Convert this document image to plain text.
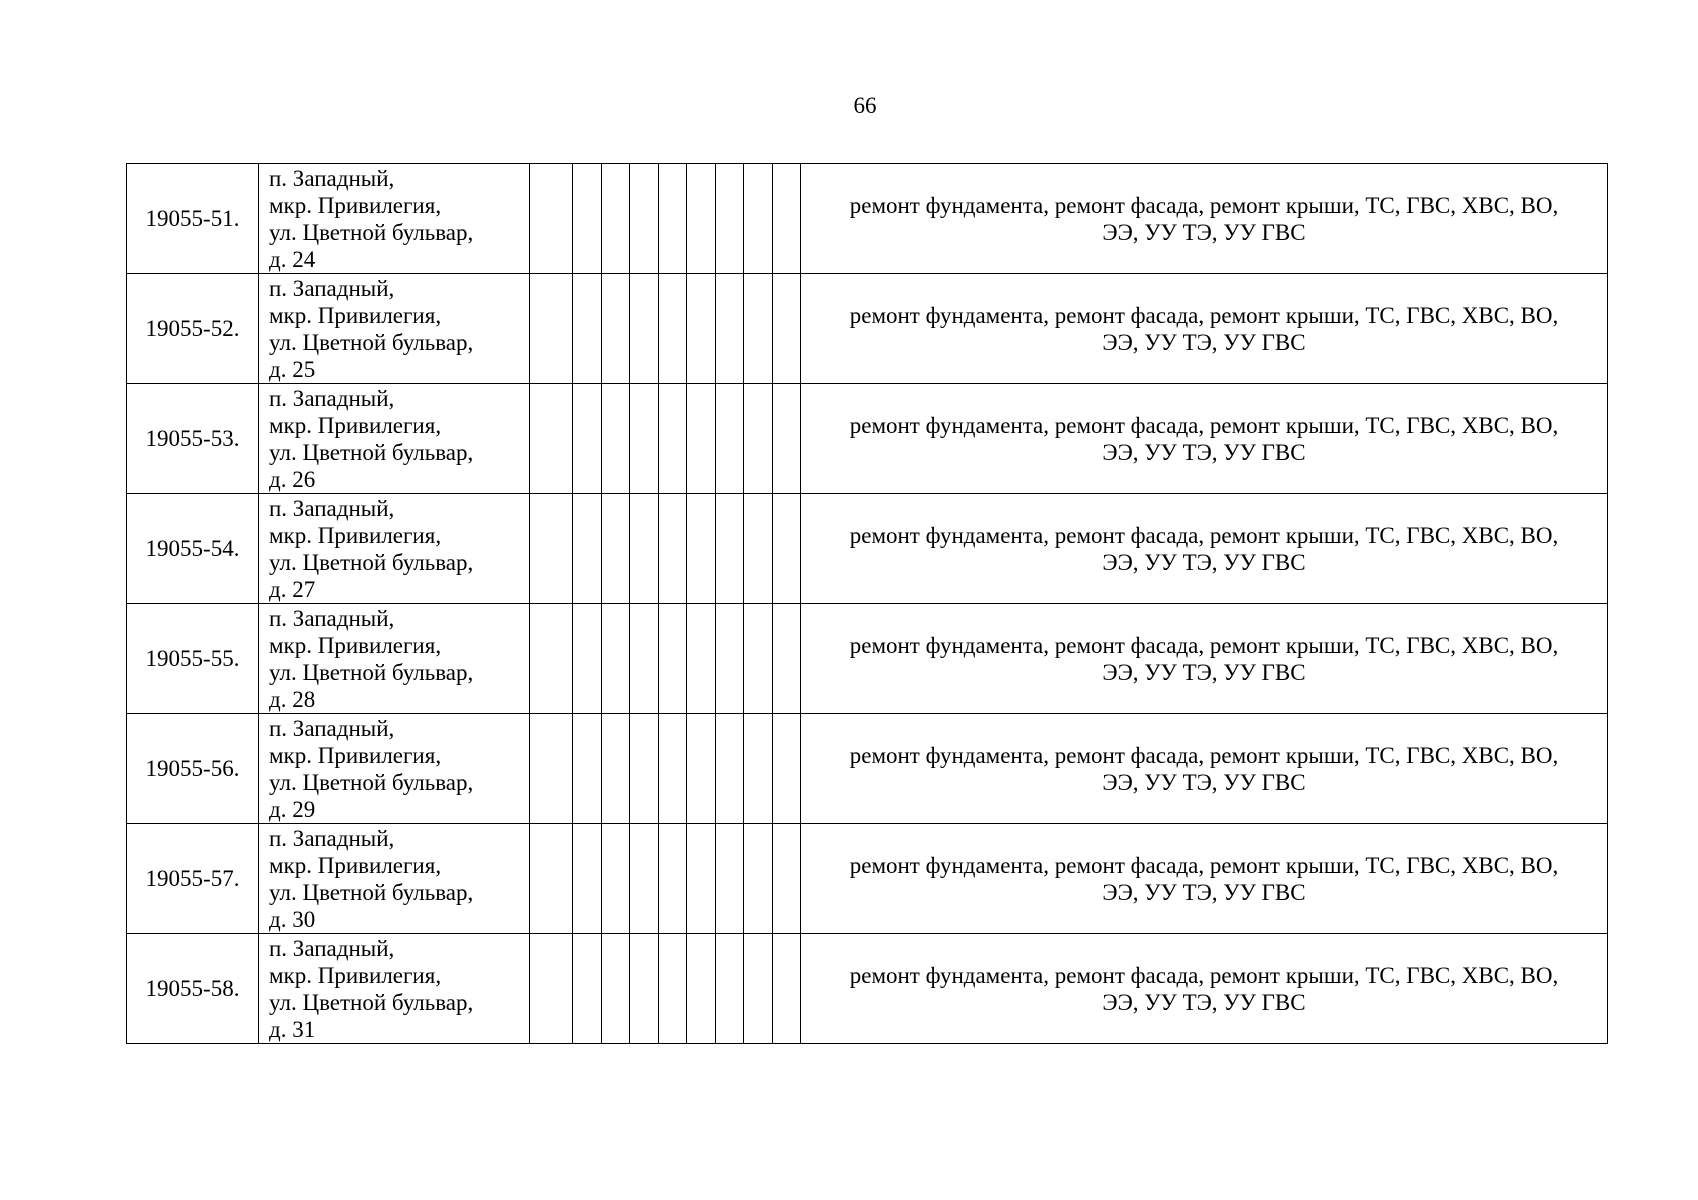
66
19055-51.	п. Западный,
мкр. Привилегия,
ул. Цветной бульвар,
д. 24										ремонт фундамента, ремонт фасада, ремонт крыши, ТС, ГВС, ХВС, ВО,
ЭЭ, УУ ТЭ, УУ ГВС

19055-52.	п. Западный,
мкр. Привилегия,
ул. Цветной бульвар,
д. 25										ремонт фундамента, ремонт фасада, ремонт крыши, ТС, ГВС, ХВС, ВО,
ЭЭ, УУ ТЭ, УУ ГВС

19055-53.	п. Западный,
мкр. Привилегия,
ул. Цветной бульвар,
д. 26										ремонт фундамента, ремонт фасада, ремонт крыши, ТС, ГВС, ХВС, ВО,
ЭЭ, УУ ТЭ, УУ ГВС

19055-54.	п. Западный,
мкр. Привилегия,
ул. Цветной бульвар,
д. 27										ремонт фундамента, ремонт фасада, ремонт крыши, ТС, ГВС, ХВС, ВО,
ЭЭ, УУ ТЭ, УУ ГВС

19055-55.	п. Западный,
мкр. Привилегия,
ул. Цветной бульвар,
д. 28										ремонт фундамента, ремонт фасада, ремонт крыши, ТС, ГВС, ХВС, ВО,
ЭЭ, УУ ТЭ, УУ ГВС

19055-56.	п. Западный,
мкр. Привилегия,
ул. Цветной бульвар,
д. 29										ремонт фундамента, ремонт фасада, ремонт крыши, ТС, ГВС, ХВС, ВО,
ЭЭ, УУ ТЭ, УУ ГВС

19055-57.	п. Западный,
мкр. Привилегия,
ул. Цветной бульвар,
д. 30										ремонт фундамента, ремонт фасада, ремонт крыши, ТС, ГВС, ХВС, ВО,
ЭЭ, УУ ТЭ, УУ ГВС

19055-58.	п. Западный,
мкр. Привилегия,
ул. Цветной бульвар,
д. 31										ремонт фундамента, ремонт фасада, ремонт крыши, ТС, ГВС, ХВС, ВО,
ЭЭ, УУ ТЭ, УУ ГВС
